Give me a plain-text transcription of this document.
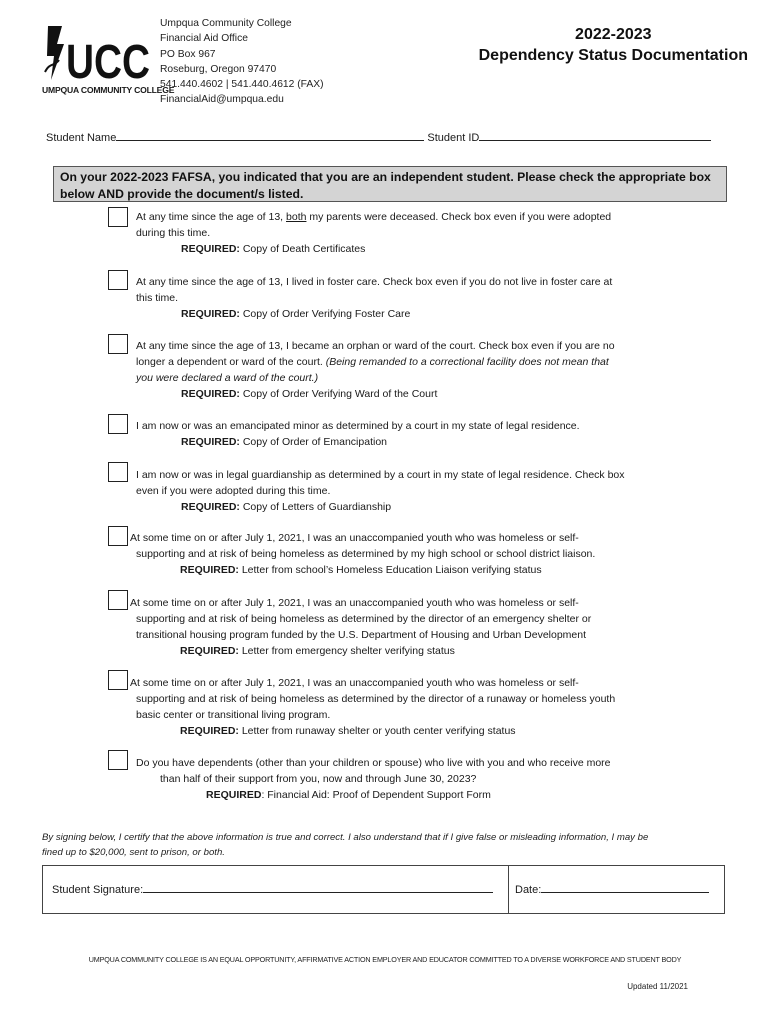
UCC
UMPQUA COMMUNITY COLLEGE
Umpqua Community College
Financial Aid Office
PO Box 967
Roseburg, Oregon 97470
541.440.4602 | 541.440.4612 (FAX)
FinancialAid@umpqua.edu
2022-2023
Dependency Status Documentation
Student Name	Student ID
On your 2022-2023 FAFSA, you indicated that you are an independent student. Please check the appropriate box
below AND provide the document/s listed.
At any time since the age of 13, both my parents were deceased. Check box even if you were adopted
during this time.
REQUIRED: Copy of Death Certificates
At any time since the age of 13, I lived in foster care. Check box even if you do not live in foster care at
this time.
REQUIRED: Copy of Order Verifying Foster Care
At any time since the age of 13, I became an orphan or ward of the court. Check box even if you are no
longer a dependent or ward of the court. (Being remanded to a correctional facility does not mean that
you were declared a ward of the court.)
REQUIRED: Copy of Order Verifying Ward of the Court
I am now or was an emancipated minor as determined by a court in my state of legal residence.
REQUIRED: Copy of Order of Emancipation
I am now or was in legal guardianship as determined by a court in my state of legal residence. Check box
even if you were adopted during this time.
REQUIRED: Copy of Letters of Guardianship
At some time on or after July 1, 2021, I was an unaccompanied youth who was homeless or self-
supporting and at risk of being homeless as determined by my high school or school district liaison.
REQUIRED: Letter from school’s Homeless Education Liaison verifying status
At some time on or after July 1, 2021, I was an unaccompanied youth who was homeless or self-
supporting and at risk of being homeless as determined by the director of an emergency shelter or
transitional housing program funded by the U.S. Department of Housing and Urban Development
REQUIRED: Letter from emergency shelter verifying status
At some time on or after July 1, 2021, I was an unaccompanied youth who was homeless or self-
supporting and at risk of being homeless as determined by the director of a runaway or homeless youth
basic center or transitional living program.
REQUIRED: Letter from runaway shelter or youth center verifying status
Do you have dependents (other than your children or spouse) who live with you and who receive more
than half of their support from you, now and through June 30, 2023?
REQUIRED: Financial Aid: Proof of Dependent Support Form
By signing below, I certify that the above information is true and correct. I also understand that if I give false or misleading information, I may be
fined up to $20,000, sent to prison, or both.
Student Signature:	Date:
UMPQUA COMMUNITY COLLEGE IS AN EQUAL OPPORTUNITY, AFFIRMATIVE ACTION EMPLOYER AND EDUCATOR COMMITTED TO A DIVERSE WORKFORCE AND STUDENT BODY
Updated 11/2021
